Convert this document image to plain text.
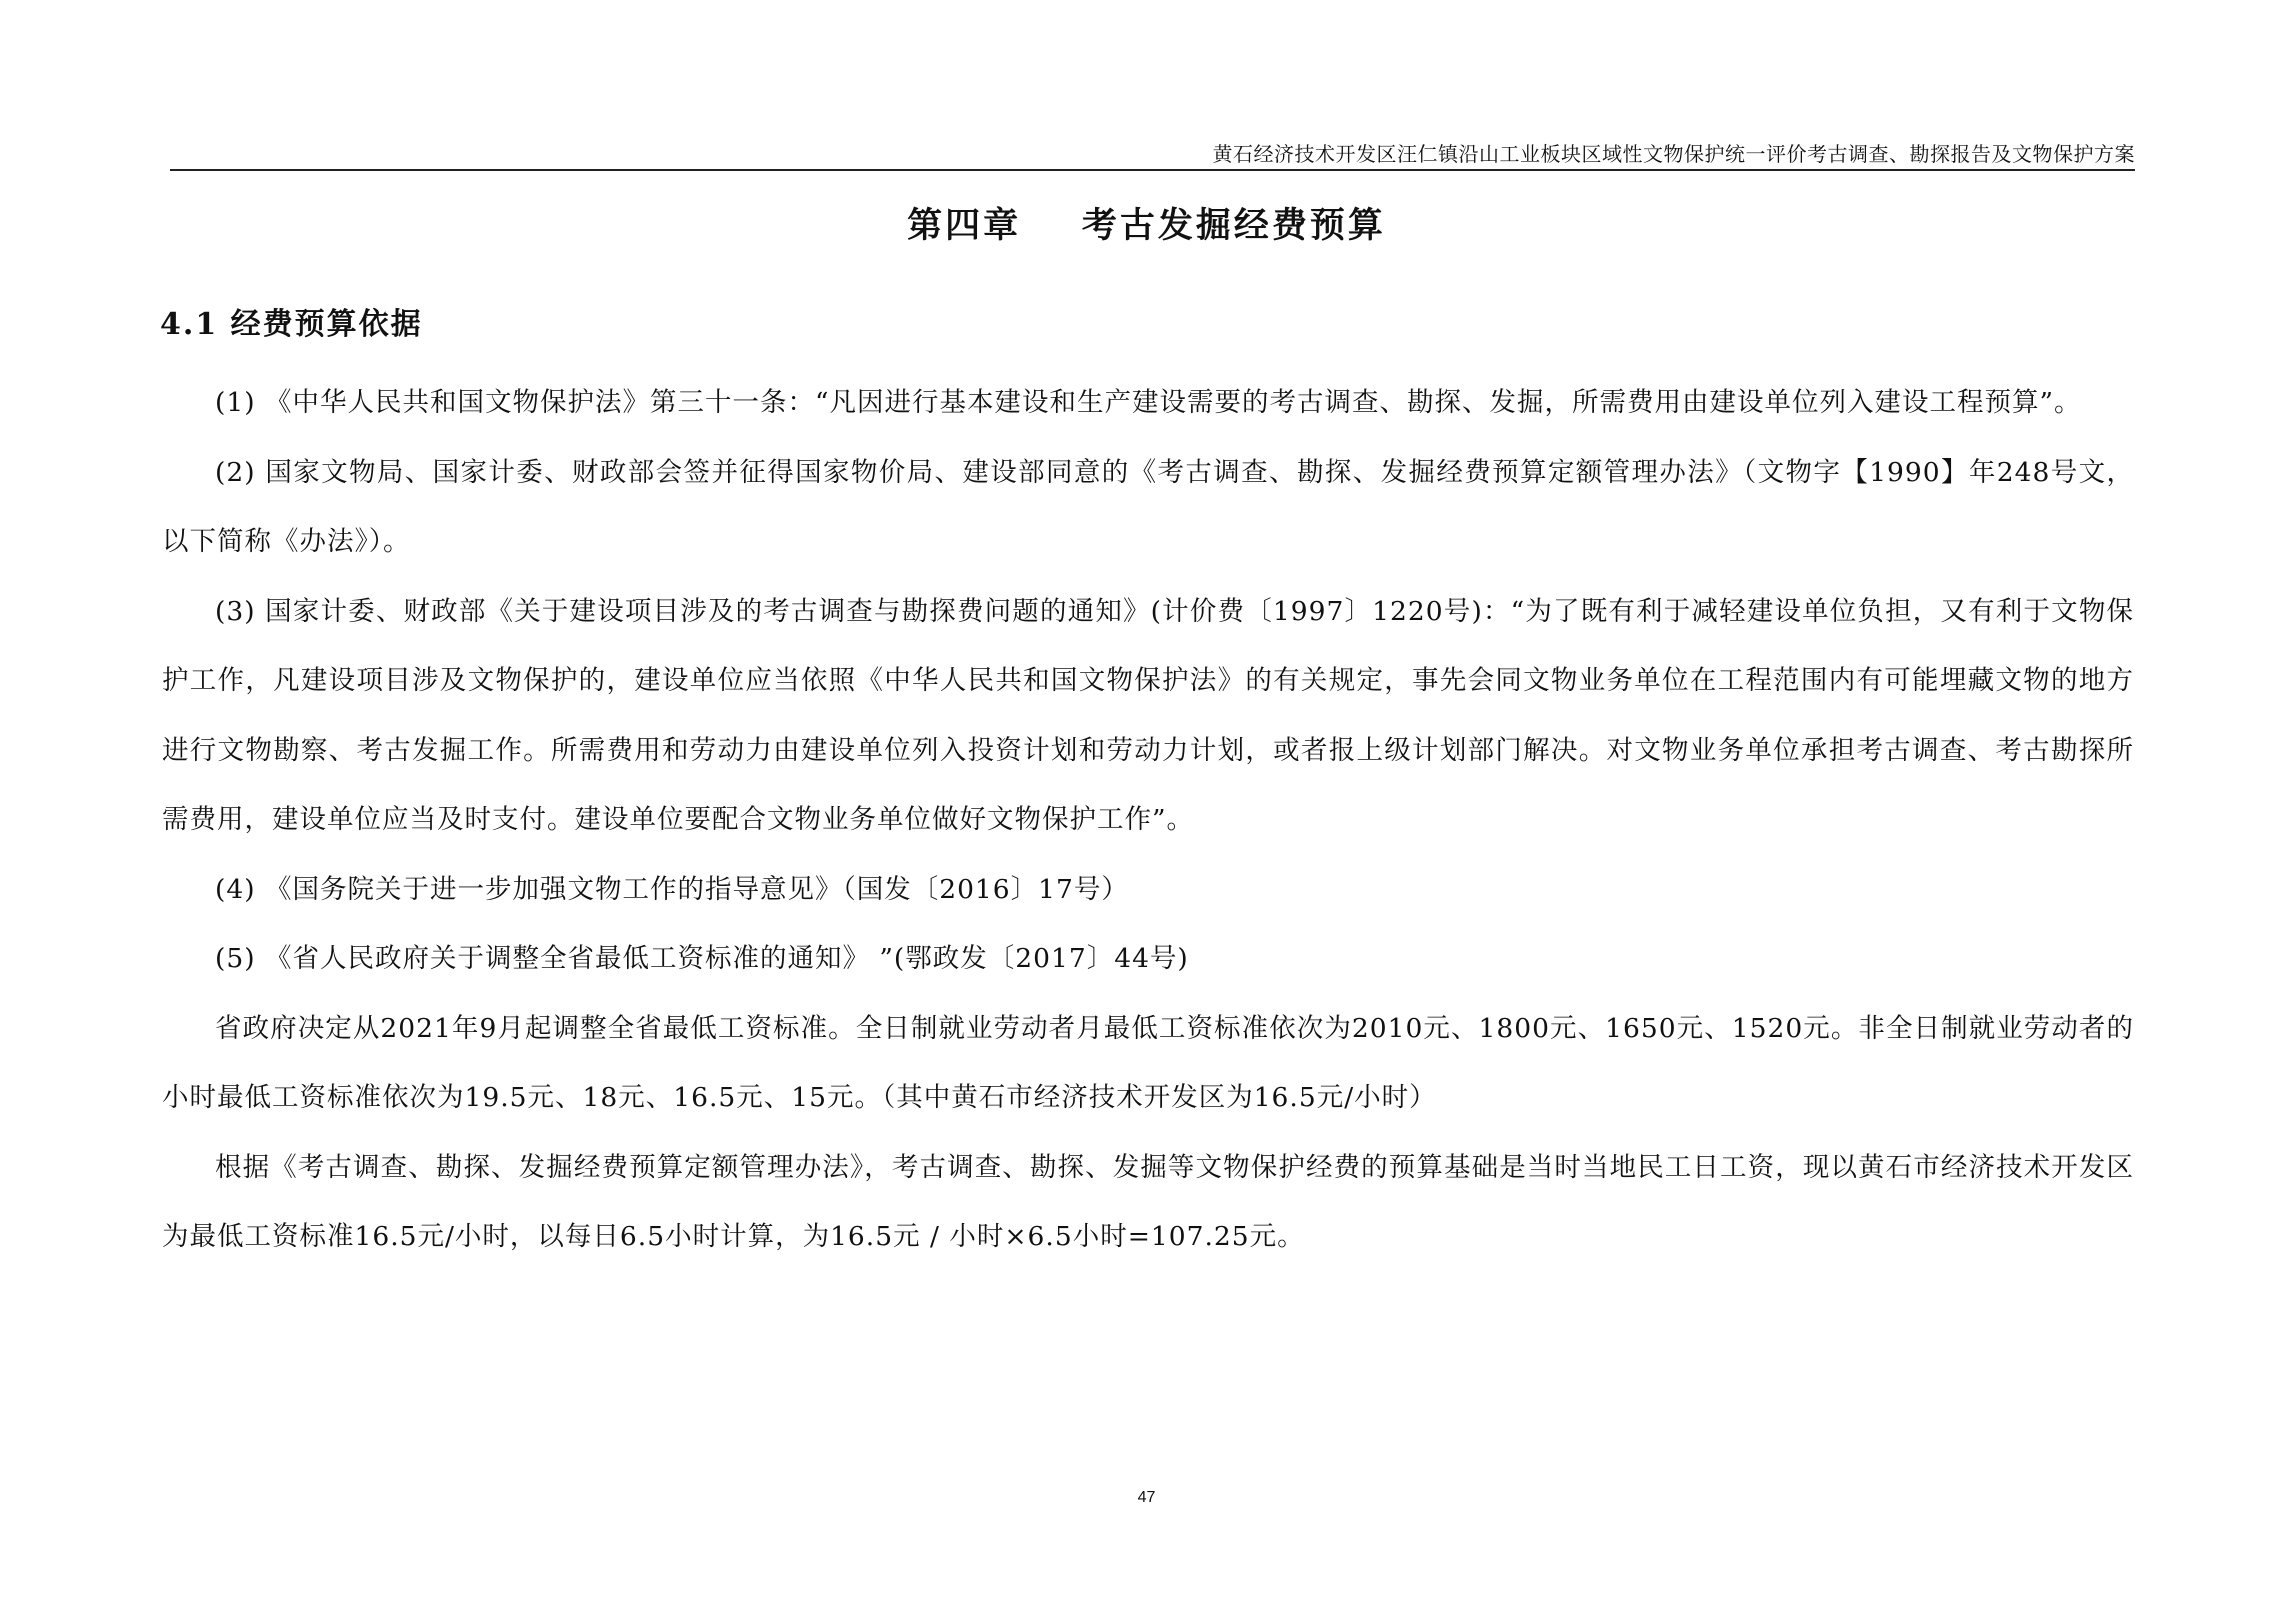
黄石经济技术开发区汪仁镇沿山工业板块区域性文物保护统一评价考古调查、勘探报告及文物保护方案
第四章    考古发掘经费预算
4.1 经费预算依据

(1) 《中华人民共和国文物保护法》第三十一条：“凡因进行基本建设和生产建设需要的考古调查、勘探、发掘，所需费用由建设单位列入建设工程预算”。

(2) 国家文物局、国家计委、财政部会签并征得国家物价局、建设部同意的《考古调查、勘探、发掘经费预算定额管理办法》（文物字【1990】年248号文，以下简称《办法》）。

(3) 国家计委、财政部《关于建设项目涉及的考古调查与勘探费问题的通知》(计价费〔1997〕1220号)：“为了既有利于减轻建设单位负担，又有利于文物保护工作，凡建设项目涉及文物保护的，建设单位应当依照《中华人民共和国文物保护法》的有关规定，事先会同文物业务单位在工程范围内有可能埋藏文物的地方进行文物勘察、考古发掘工作。所需费用和劳动力由建设单位列入投资计划和劳动力计划，或者报上级计划部门解决。对文物业务单位承担考古调查、考古勘探所需费用，建设单位应当及时支付。建设单位要配合文物业务单位做好文物保护工作”。

(4) 《国务院关于进一步加强文物工作的指导意见》（国发〔2016〕17号）

(5) 《省人民政府关于调整全省最低工资标准的通知》 ”(鄂政发〔2017〕44号)

省政府决定从2021年9月起调整全省最低工资标准。全日制就业劳动者月最低工资标准依次为2010元、1800元、1650元、1520元。非全日制就业劳动者的小时最低工资标准依次为19.5元、18元、16.5元、15元。（其中黄石市经济技术开发区为16.5元/小时）

根据《考古调查、勘探、发掘经费预算定额管理办法》，考古调查、勘探、发掘等文物保护经费的预算基础是当时当地民工日工资，现以黄石市经济技术开发区为最低工资标准16.5元/小时，以每日6.5小时计算，为16.5元 / 小时×6.5小时=107.25元。

47
